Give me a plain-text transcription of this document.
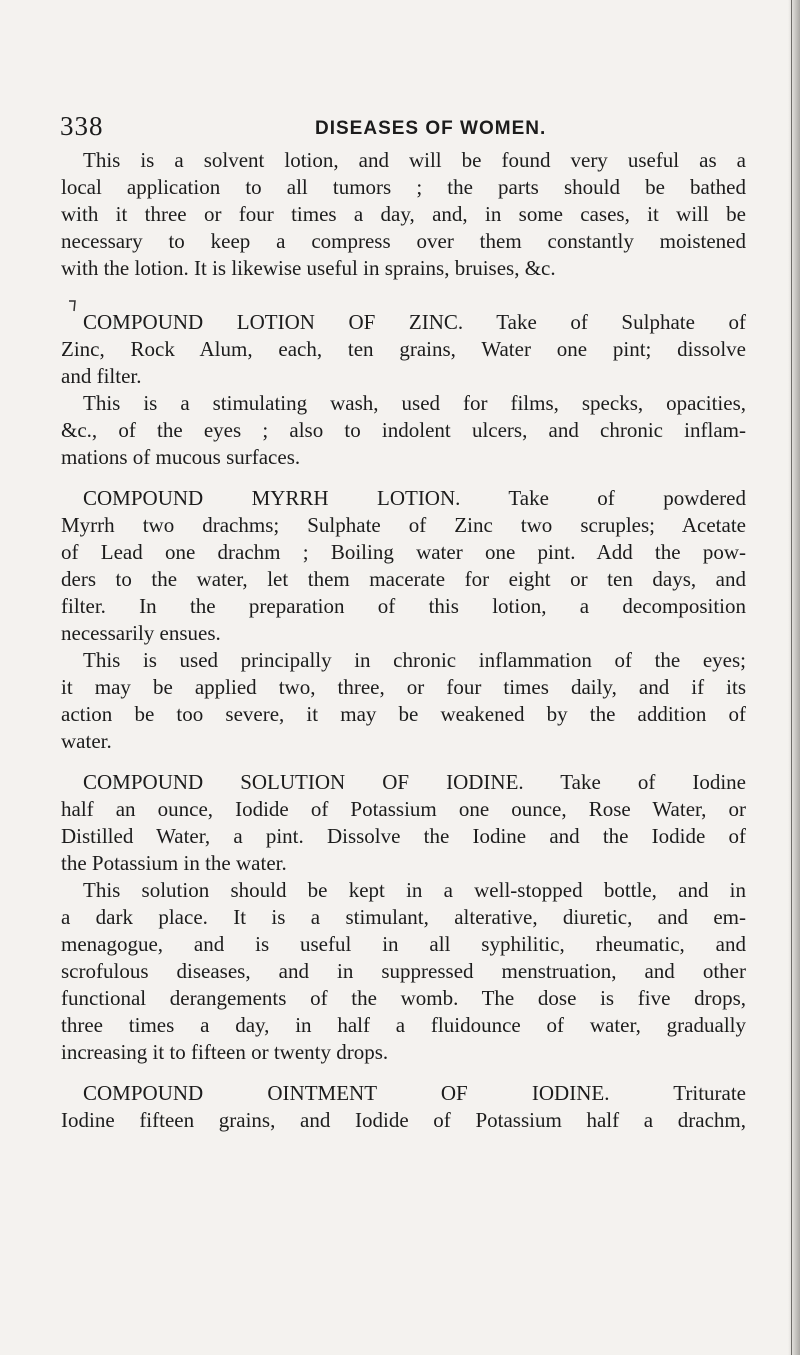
338	DISEASES OF WOMEN.
This is a solvent lotion, and will be found very useful as a
local application to all tumors ; the parts should be bathed
with it three or four times a day, and, in some cases, it will be
necessary to keep a compress over them constantly moistened
with the lotion. It is likewise useful in sprains, bruises, &c.
COMPOUND LOTION OF ZINC. Take of Sulphate of
Zinc, Rock Alum, each, ten grains, Water one pint; dissolve
and filter.
This is a stimulating wash, used for films, specks, opacities,
&c., of the eyes ; also to indolent ulcers, and chronic inflam-
mations of mucous surfaces.
COMPOUND MYRRH LOTION. Take of powdered
Myrrh two drachms; Sulphate of Zinc two scruples; Acetate
of Lead one drachm ; Boiling water one pint. Add the pow-
ders to the water, let them macerate for eight or ten days, and
filter. In the preparation of this lotion, a decomposition
necessarily ensues.
This is used principally in chronic inflammation of the eyes;
it may be applied two, three, or four times daily, and if its
action be too severe, it may be weakened by the addition of
water.
COMPOUND SOLUTION OF IODINE. Take of Iodine
half an ounce, Iodide of Potassium one ounce, Rose Water, or
Distilled Water, a pint. Dissolve the Iodine and the Iodide of
the Potassium in the water.
This solution should be kept in a well-stopped bottle, and in
a dark place. It is a stimulant, alterative, diuretic, and em-
menagogue, and is useful in all syphilitic, rheumatic, and
scrofulous diseases, and in suppressed menstruation, and other
functional derangements of the womb. The dose is five drops,
three times a day, in half a fluidounce of water, gradually
increasing it to fifteen or twenty drops.
COMPOUND OINTMENT OF IODINE. Triturate
Iodine fifteen grains, and Iodide of Potassium half a drachm,
